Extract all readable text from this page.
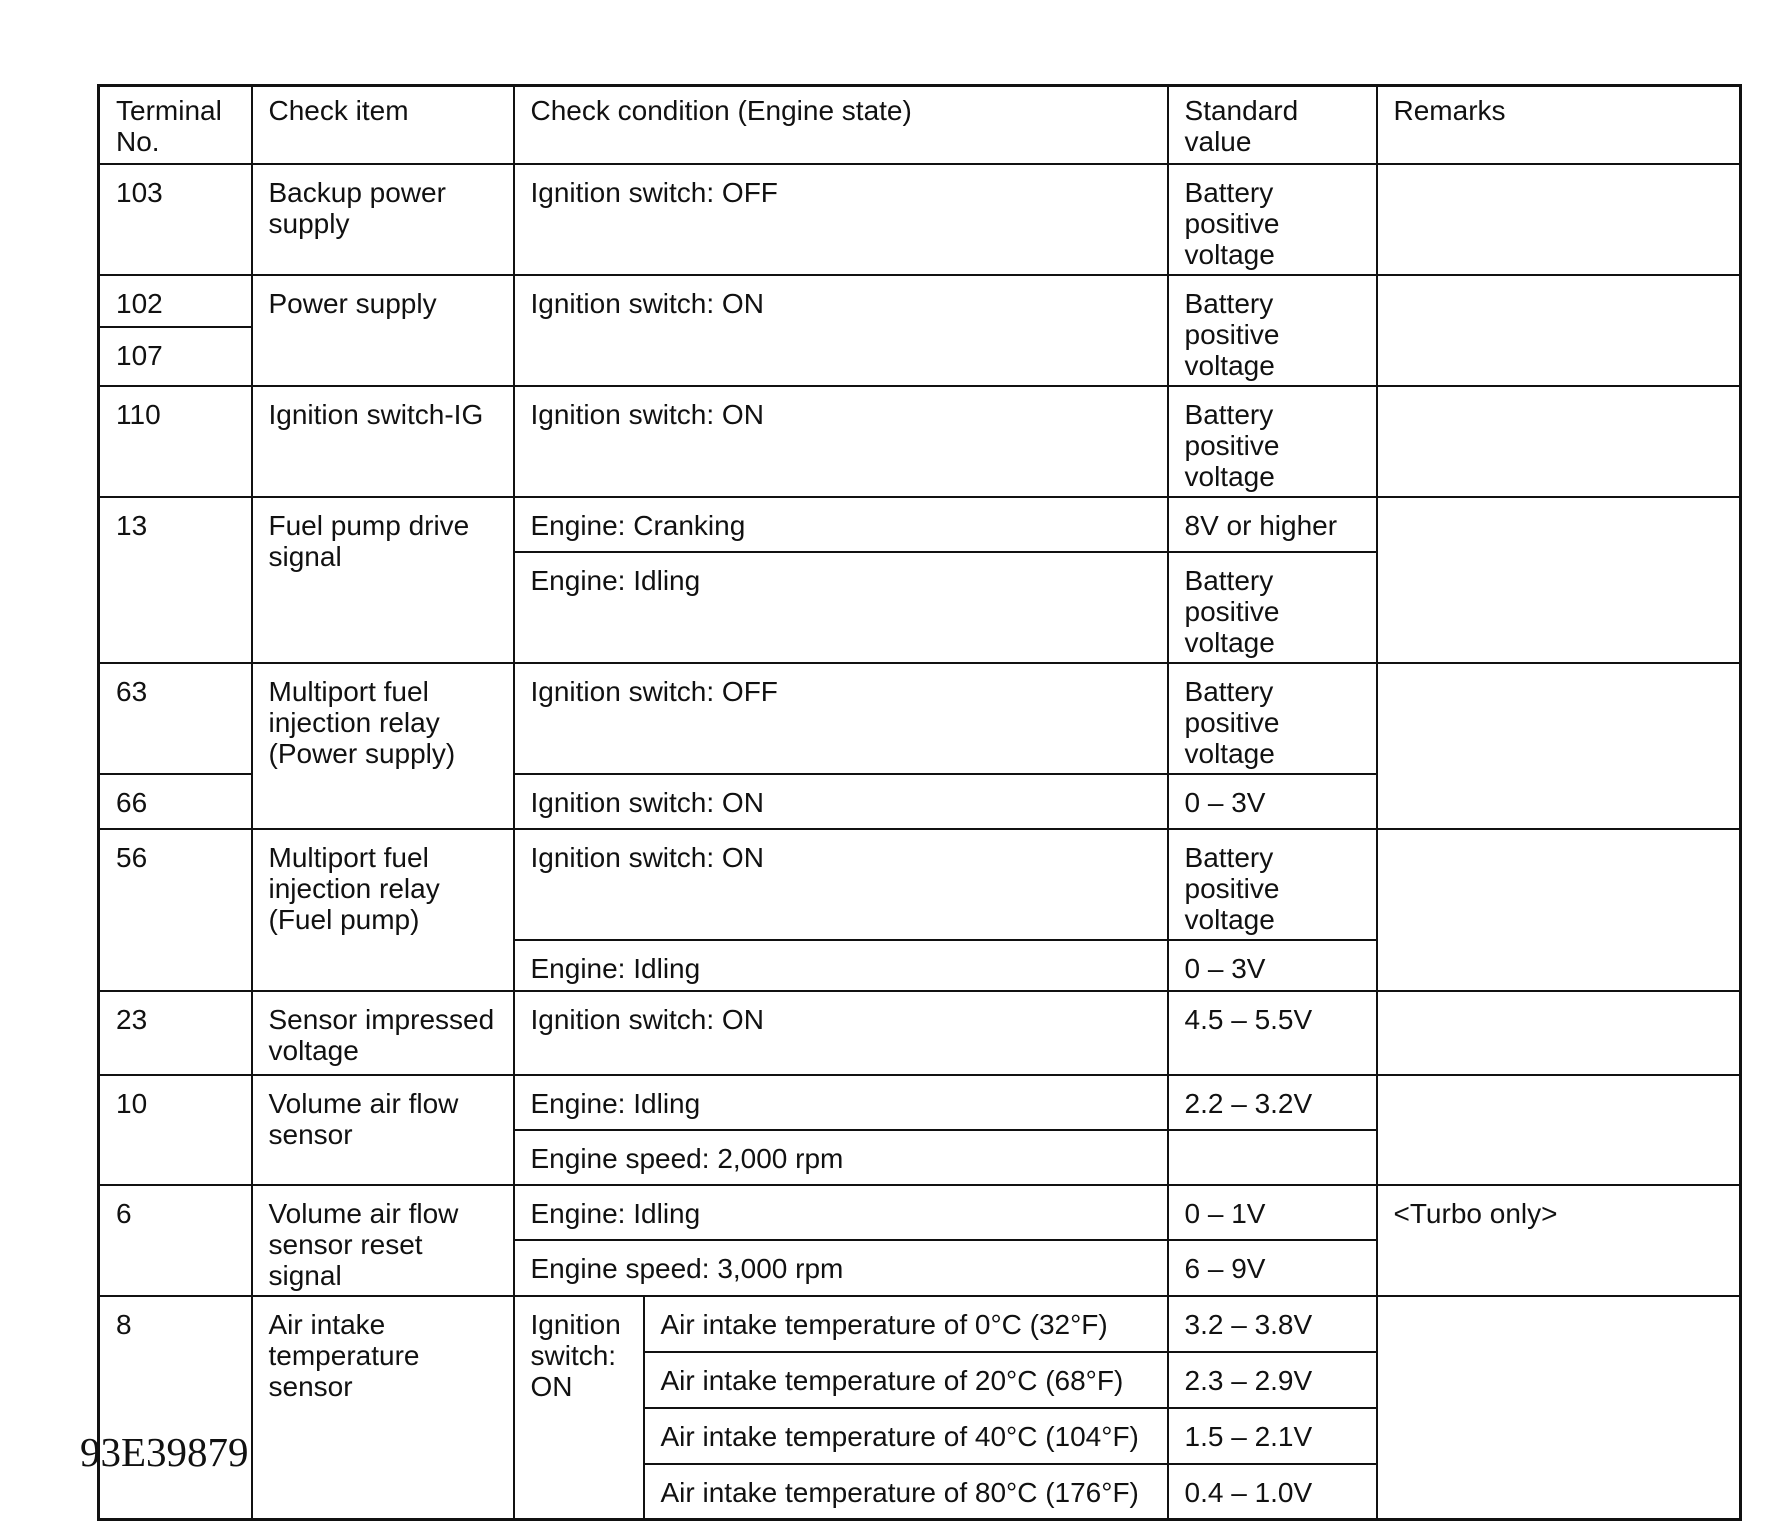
Terminal No.	Check item	Check condition (Engine state)		Standard value	Remarks
103	Backup power supply	Ignition switch: OFF		Battery positive voltage	
102	Power supply	Ignition switch: ON		Battery positive voltage	
107					
110	Ignition switch-IG	Ignition switch: ON		Battery positive voltage	
13	Fuel pump drive signal	Engine: Cranking		8V or higher	
		Engine: Idling		Battery positive voltage	
63	Multiport fuel injection relay (Power supply)	Ignition switch: OFF		Battery positive voltage	
66		Ignition switch: ON		0 – 3V	
56	Multiport fuel injection relay (Fuel pump)	Ignition switch: ON		Battery positive voltage	
		Engine: Idling		0 – 3V	
23	Sensor impressed voltage	Ignition switch: ON		4.5 – 5.5V	
10	Volume air flow sensor	Engine: Idling		2.2 – 3.2V	
		Engine speed: 2,000 rpm			
6	Volume air flow sensor reset signal	Engine: Idling		0 – 1V	<Turbo only>
		Engine speed: 3,000 rpm		6 – 9V	
8	Air intake temperature sensor	Ignition switch: ON	Air intake temperature of 0°C (32°F)	3.2 – 3.8V	
			Air intake temperature of 20°C (68°F)	2.3 – 2.9V	
			Air intake temperature of 40°C (104°F)	1.5 – 2.1V	
			Air intake temperature of 80°C (176°F)	0.4 – 1.0V	
93E39879
